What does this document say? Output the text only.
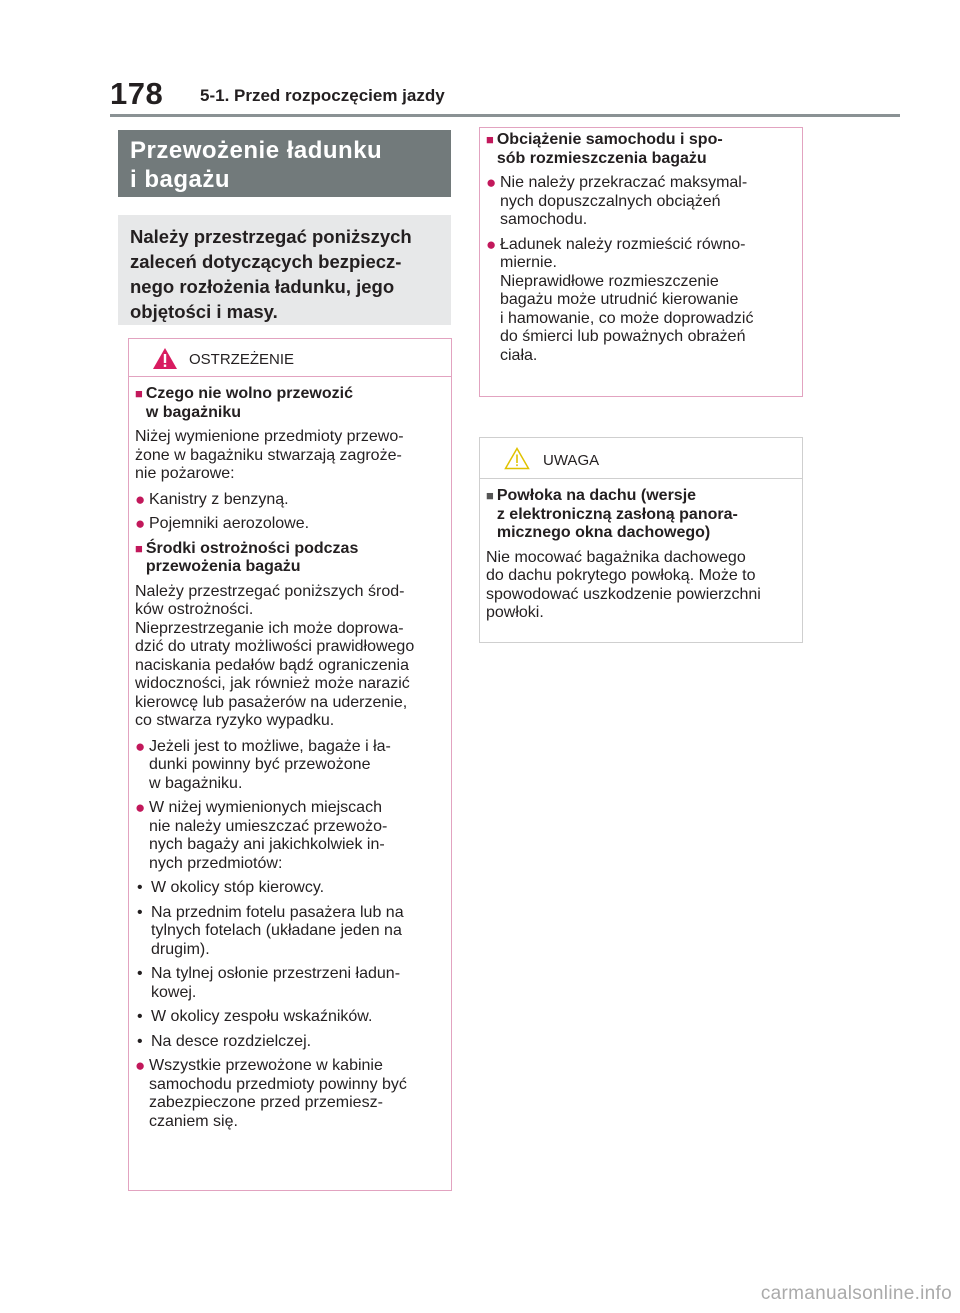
178 5-1. Przed rozpoczęciem jazdy
Przewożenie ładunku
i bagażu
Należy przestrzegać poniższych
zaleceń dotyczących bezpiecz-
nego rozłożenia ładunku, jego
objętości i masy.
OSTRZEŻENIE
■ Czego nie wolno przewozić
w bagażniku
Niżej wymienione przedmioty przewo-
żone w bagażniku stwarzają zagroże-
nie pożarowe:
● Kanistry z benzyną.
● Pojemniki aerozolowe.
■ Środki ostrożności podczas
przewożenia bagażu
Należy przestrzegać poniższych środ-
ków ostrożności.
Nieprzestrzeganie ich może doprowa-
dzić do utraty możliwości prawidłowego
naciskania pedałów bądź ograniczenia
widoczności, jak również może narazić
kierowcę lub pasażerów na uderzenie,
co stwarza ryzyko wypadku.
● Jeżeli jest to możliwe, bagaże i ła-
dunki powinny być przewożone
w bagażniku.
● W niżej wymienionych miejscach
nie należy umieszczać przewożo-
nych bagaży ani jakichkolwiek in-
nych przedmiotów:
• W okolicy stóp kierowcy.
• Na przednim fotelu pasażera lub na
tylnych fotelach (układane jeden na
drugim).
• Na tylnej osłonie przestrzeni ładun-
kowej.
• W okolicy zespołu wskaźników.
• Na desce rozdzielczej.
● Wszystkie przewożone w kabinie
samochodu przedmioty powinny być
zabezpieczone przed przemiesz-
czaniem się.
■ Obciążenie samochodu i spo-
sób rozmieszczenia bagażu
● Nie należy przekraczać maksymal-
nych dopuszczalnych obciążeń
samochodu.
● Ładunek należy rozmieścić równo-
miernie.
Nieprawidłowe rozmieszczenie
bagażu może utrudnić kierowanie
i hamowanie, co może doprowadzić
do śmierci lub poważnych obrażeń
ciała.
UWAGA
■ Powłoka na dachu (wersje
z elektroniczną zasłoną panora-
micznego okna dachowego)
Nie mocować bagażnika dachowego
do dachu pokrytego powłoką. Może to
spowodować uszkodzenie powierzchni
powłoki.
carmanualsonline.info
